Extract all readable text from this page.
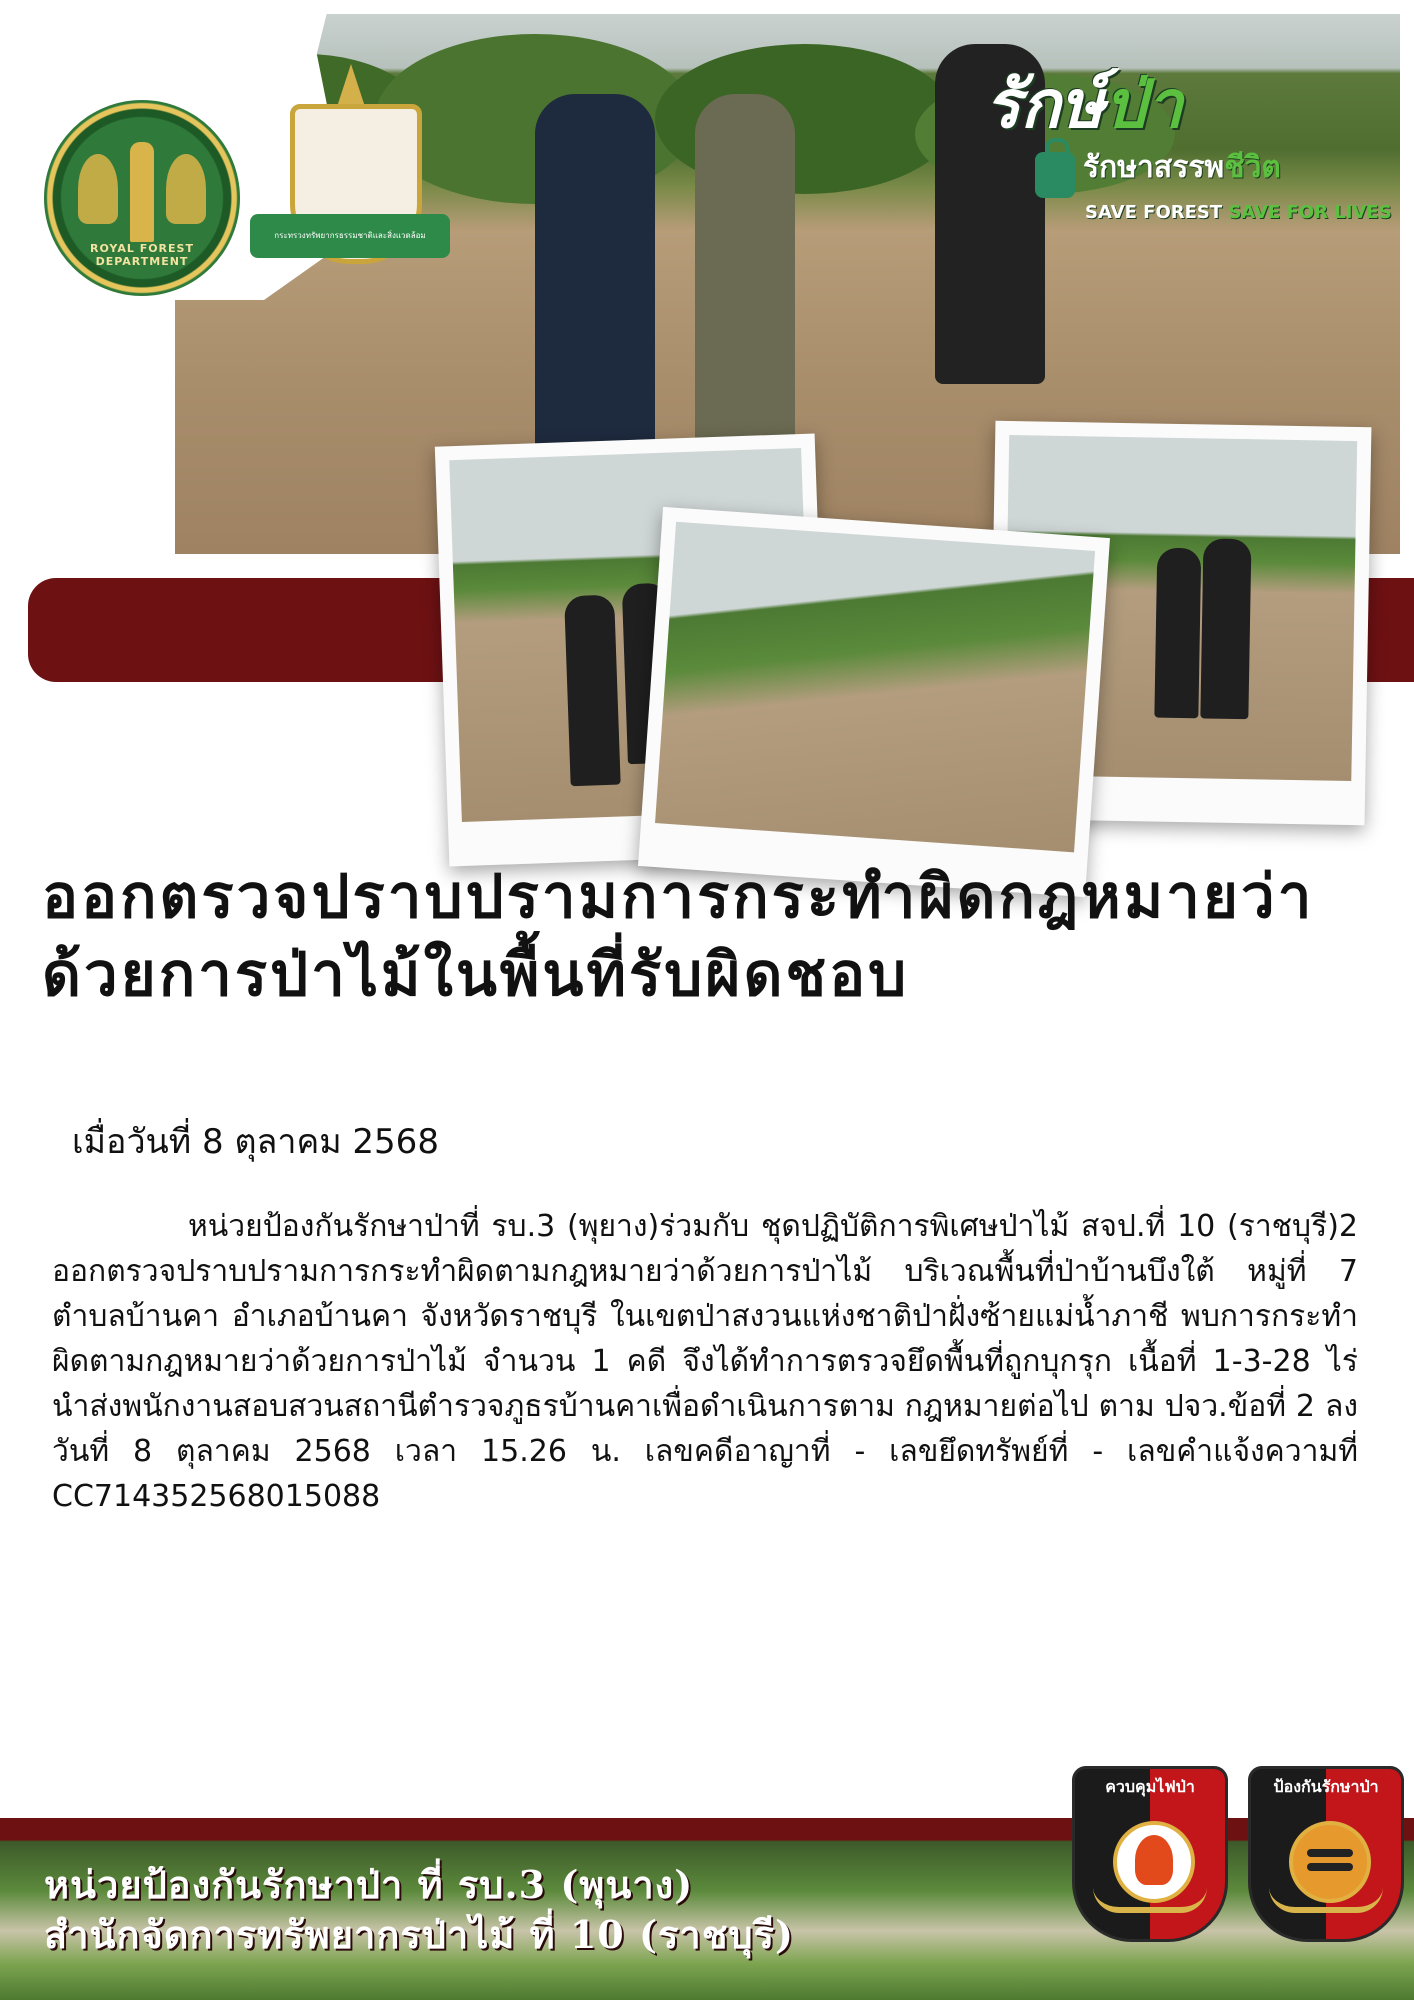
ROYAL FOREST DEPARTMENT
กระทรวงทรัพยากรธรรมชาติและสิ่งแวดล้อม
รักษ์ป่า
รักษาสรรพชีวิต
SAVE FOREST SAVE FOR LIVES
ออกตรวจปราบปรามการกระทำผิดกฎหมายว่าด้วยการป่าไม้ในพื้นที่รับผิดชอบ
เมื่อวันที่ 8 ตุลาคม 2568
หน่วยป้องกันรักษาป่าที่ รบ.3 (พุยาง)ร่วมกับ ชุดปฏิบัติการพิเศษป่าไม้ สจป.ที่ 10 (ราชบุรี)2 ออกตรวจปราบปรามการกระทำผิดตามกฎหมายว่าด้วยการป่าไม้ บริเวณพื้นที่ป่าบ้านบึงใต้ หมู่ที่ 7 ตำบลบ้านคา อำเภอบ้านคา จังหวัดราชบุรี ในเขตป่าสงวนแห่งชาติป่าฝั่งซ้ายแม่น้ำภาชี พบการกระทำผิดตามกฎหมายว่าด้วยการป่าไม้ จำนวน 1 คดี จึงได้ทำการตรวจยึดพื้นที่ถูกบุกรุก เนื้อที่ 1-3-28 ไร่ นำส่งพนักงานสอบสวนสถานีตำรวจภูธรบ้านคาเพื่อดำเนินการตาม กฎหมายต่อไป ตาม ปจว.ข้อที่ 2 ลงวันที่ 8 ตุลาคม 2568 เวลา 15.26 น. เลขคดีอาญาที่ - เลขยึดทรัพย์ที่ - เลขคำแจ้งความที่ CC714352568015088
หน่วยป้องกันรักษาป่า ที่ รบ.3 (พุนาง)
สำนักจัดการทรัพยากรป่าไม้ ที่ 10 (ราชบุรี)
ควบคุมไฟป่า	ป้องกันรักษาป่า
